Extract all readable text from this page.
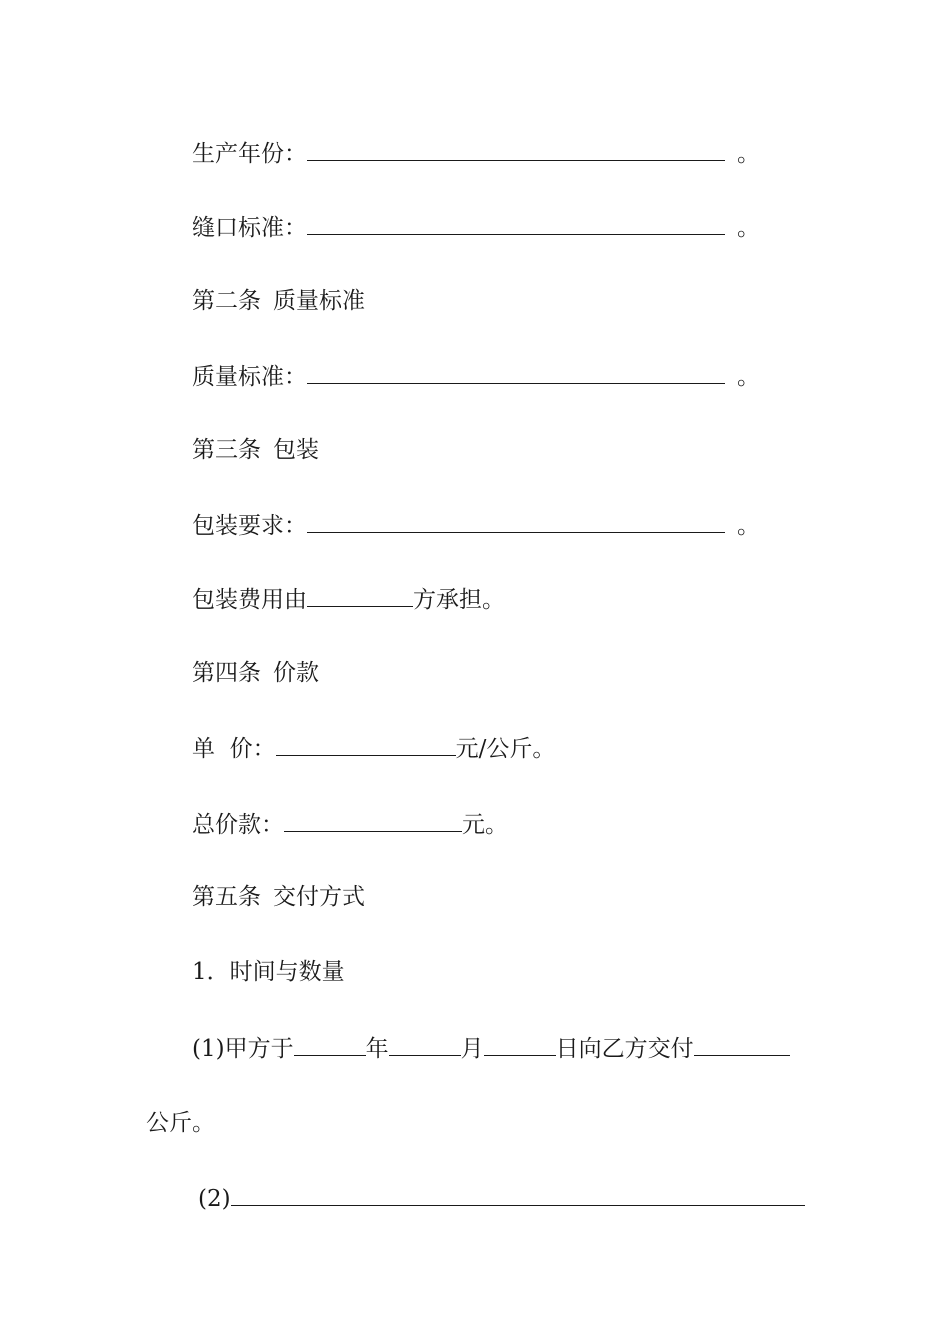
生产年份：	。
缝口标准：	。
第二条 质量标准
质量标准：	。
第三条 包装
包装要求：	。
包装费用由	方承担。
第四条 价款
单  价：	元/公斤。
总价款：	元。
第五条 交付方式
1．时间与数量
(1)甲方于	年	月	日向乙方交付
公斤。
(2)
